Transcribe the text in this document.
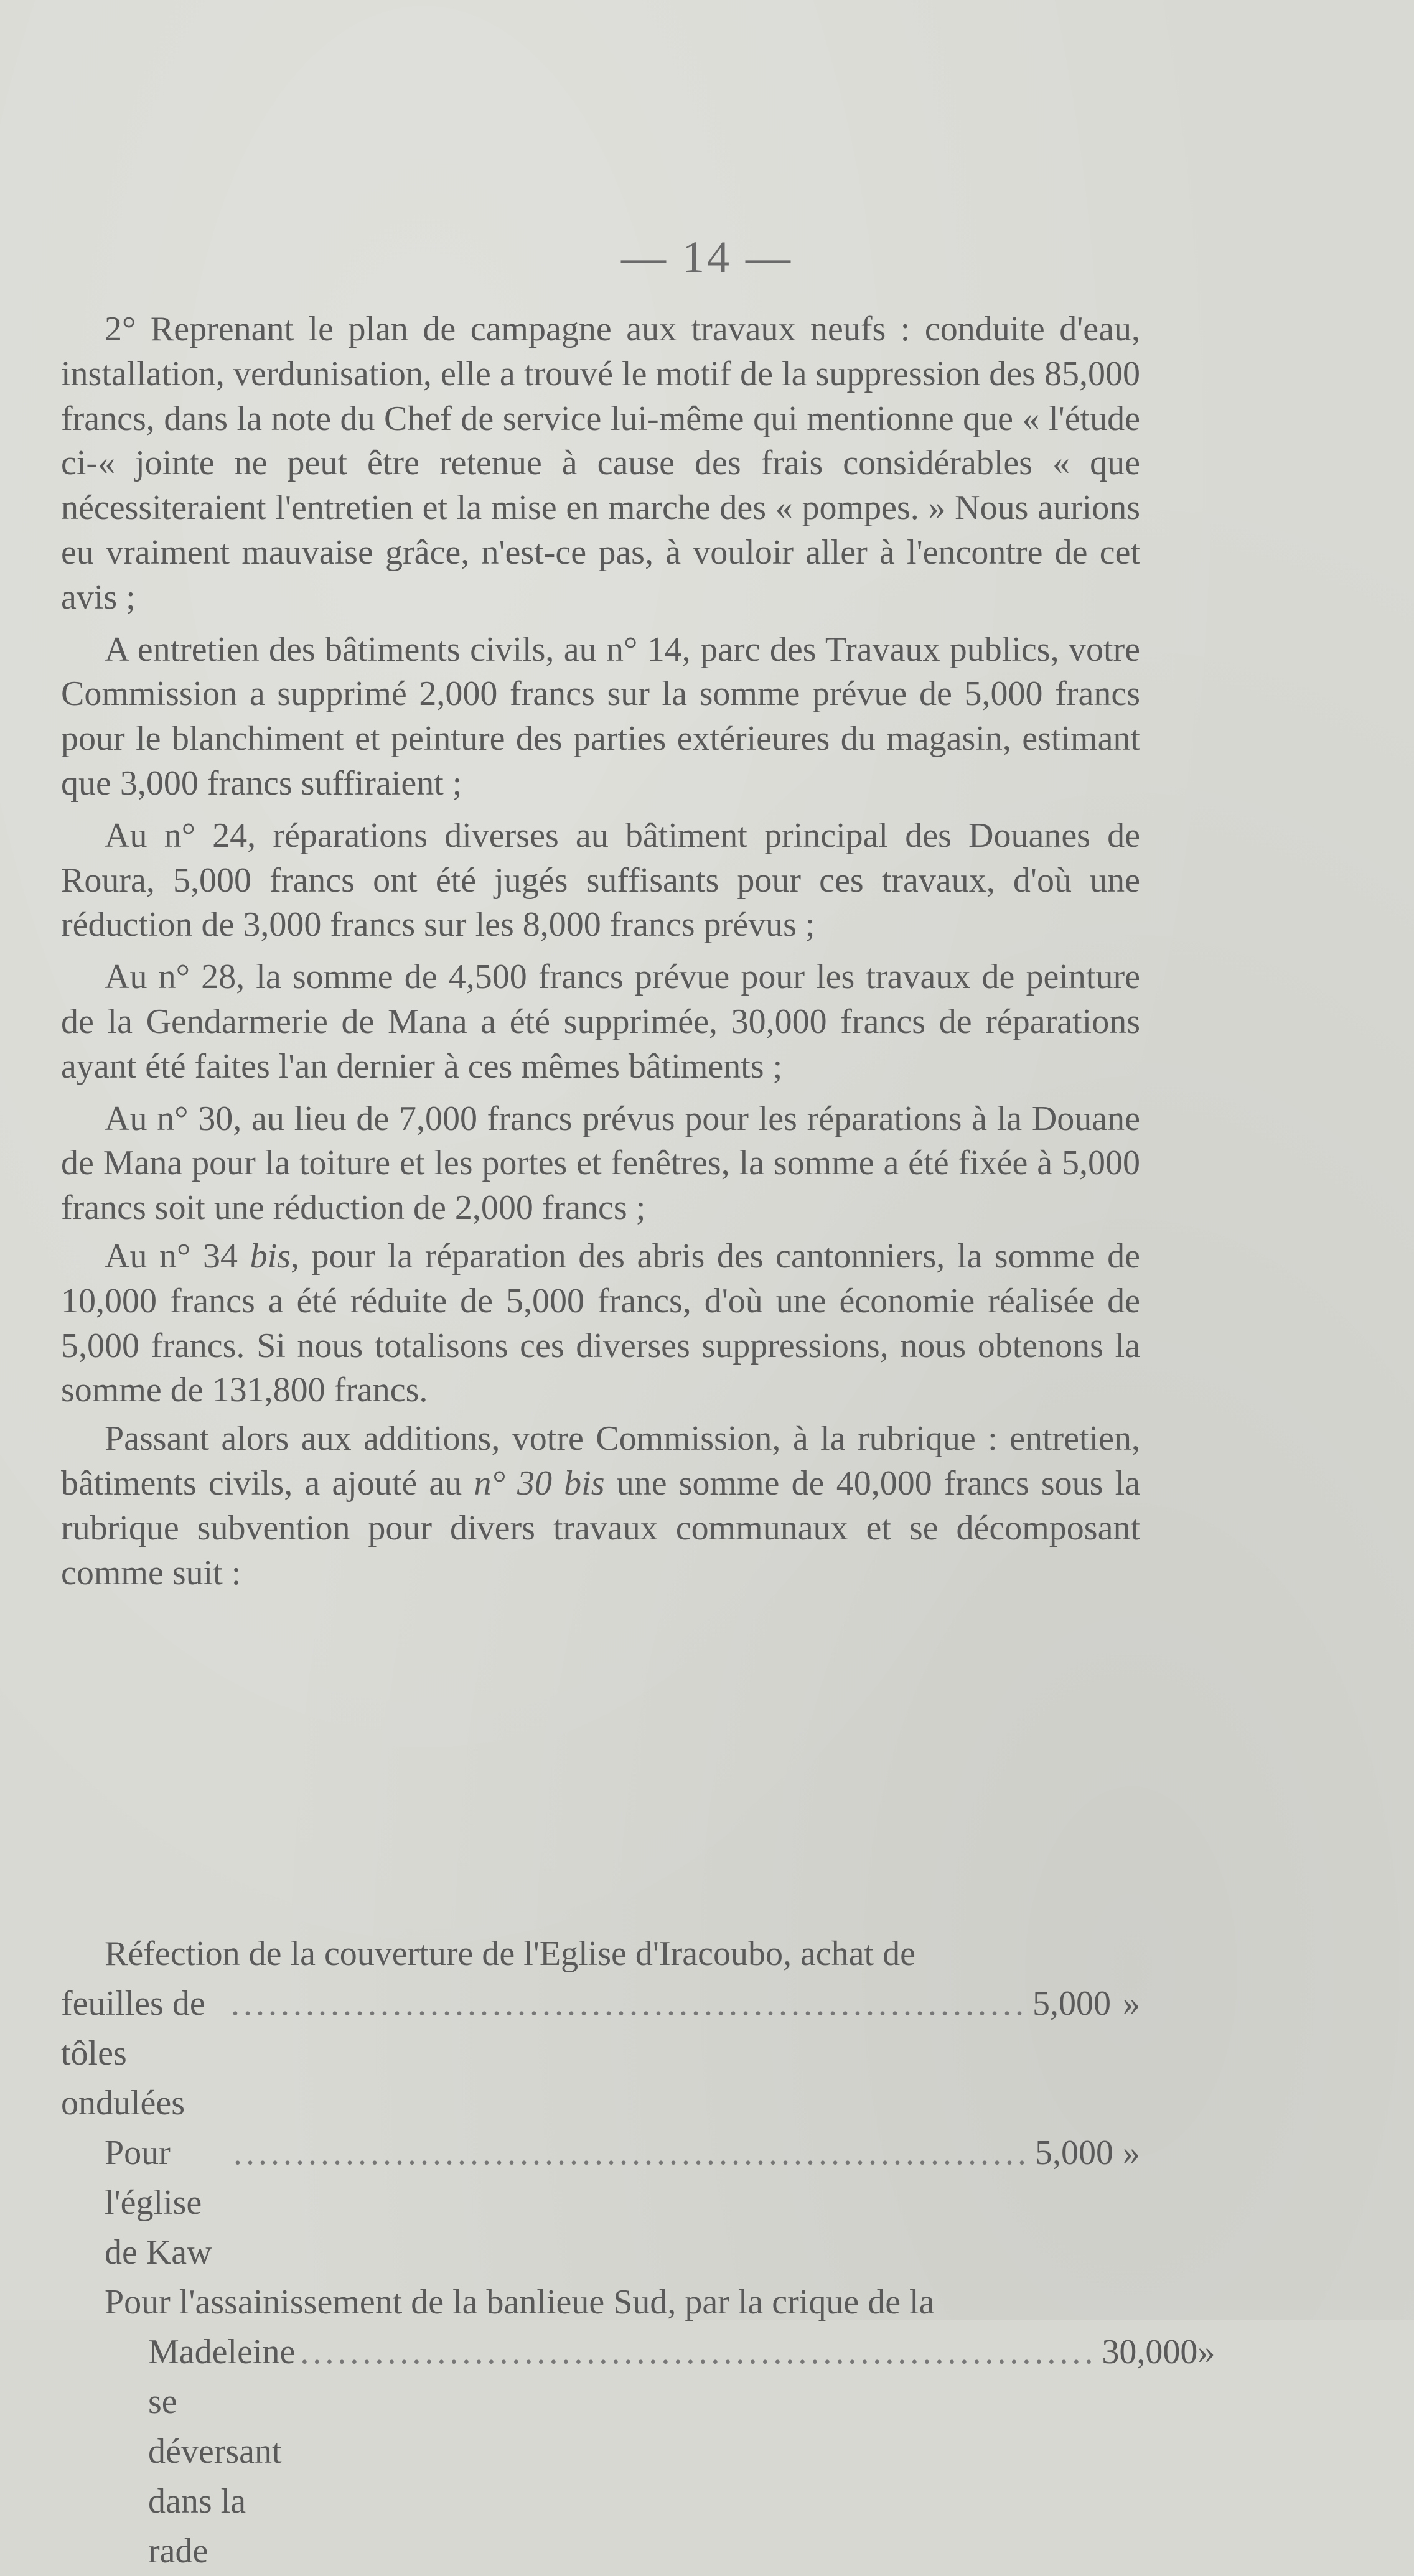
— 14 —

2° Reprenant le plan de campagne aux travaux neufs : conduite d'eau, installation, verdunisation, elle a trouvé le motif de la suppression des 85,000 francs, dans la note du Chef de service lui-même qui mentionne que « l'étude ci-« jointe ne peut être retenue à cause des frais considérables « que nécessiteraient l'entretien et la mise en marche des « pompes. » Nous aurions eu vraiment mauvaise grâce, n'est-ce pas, à vouloir aller à l'encontre de cet avis ;

A entretien des bâtiments civils, au n° 14, parc des Travaux publics, votre Commission a supprimé 2,000 francs sur la somme prévue de 5,000 francs pour le blanchiment et peinture des parties extérieures du magasin, estimant que 3,000 francs suffiraient ;

Au n° 24, réparations diverses au bâtiment principal des Douanes de Roura, 5,000 francs ont été jugés suffisants pour ces travaux, d'où une réduction de 3,000 francs sur les 8,000 francs prévus ;

Au n° 28, la somme de 4,500 francs prévue pour les travaux de peinture de la Gendarmerie de Mana a été supprimée, 30,000 francs de réparations ayant été faites l'an dernier à ces mêmes bâtiments ;

Au n° 30, au lieu de 7,000 francs prévus pour les réparations à la Douane de Mana pour la toiture et les portes et fenêtres, la somme a été fixée à 5,000 francs soit une réduction de 2,000 francs ;

Au n° 34 bis, pour la réparation des abris des cantonniers, la somme de 10,000 francs a été réduite de 5,000 francs, d'où une économie réalisée de 5,000 francs. Si nous totalisons ces diverses suppressions, nous obtenons la somme de 131,800 francs.

Passant alors aux additions, votre Commission, à la rubrique : entretien, bâtiments civils, a ajouté au n° 30 bis une somme de 40,000 francs sous la rubrique subvention pour divers travaux communaux et se décomposant comme suit :

Réfection de la couverture de l'Eglise d'Iracoubo, achat de
feuilles de tôles ondulées
................................................................ 5,000 »
Pour l'église de Kaw
................................................................ 5,000 »
Pour l'assainissement de la banlieue Sud, par la crique de la
Madeleine se déversant dans la rade
................................................................ 30,000 »
